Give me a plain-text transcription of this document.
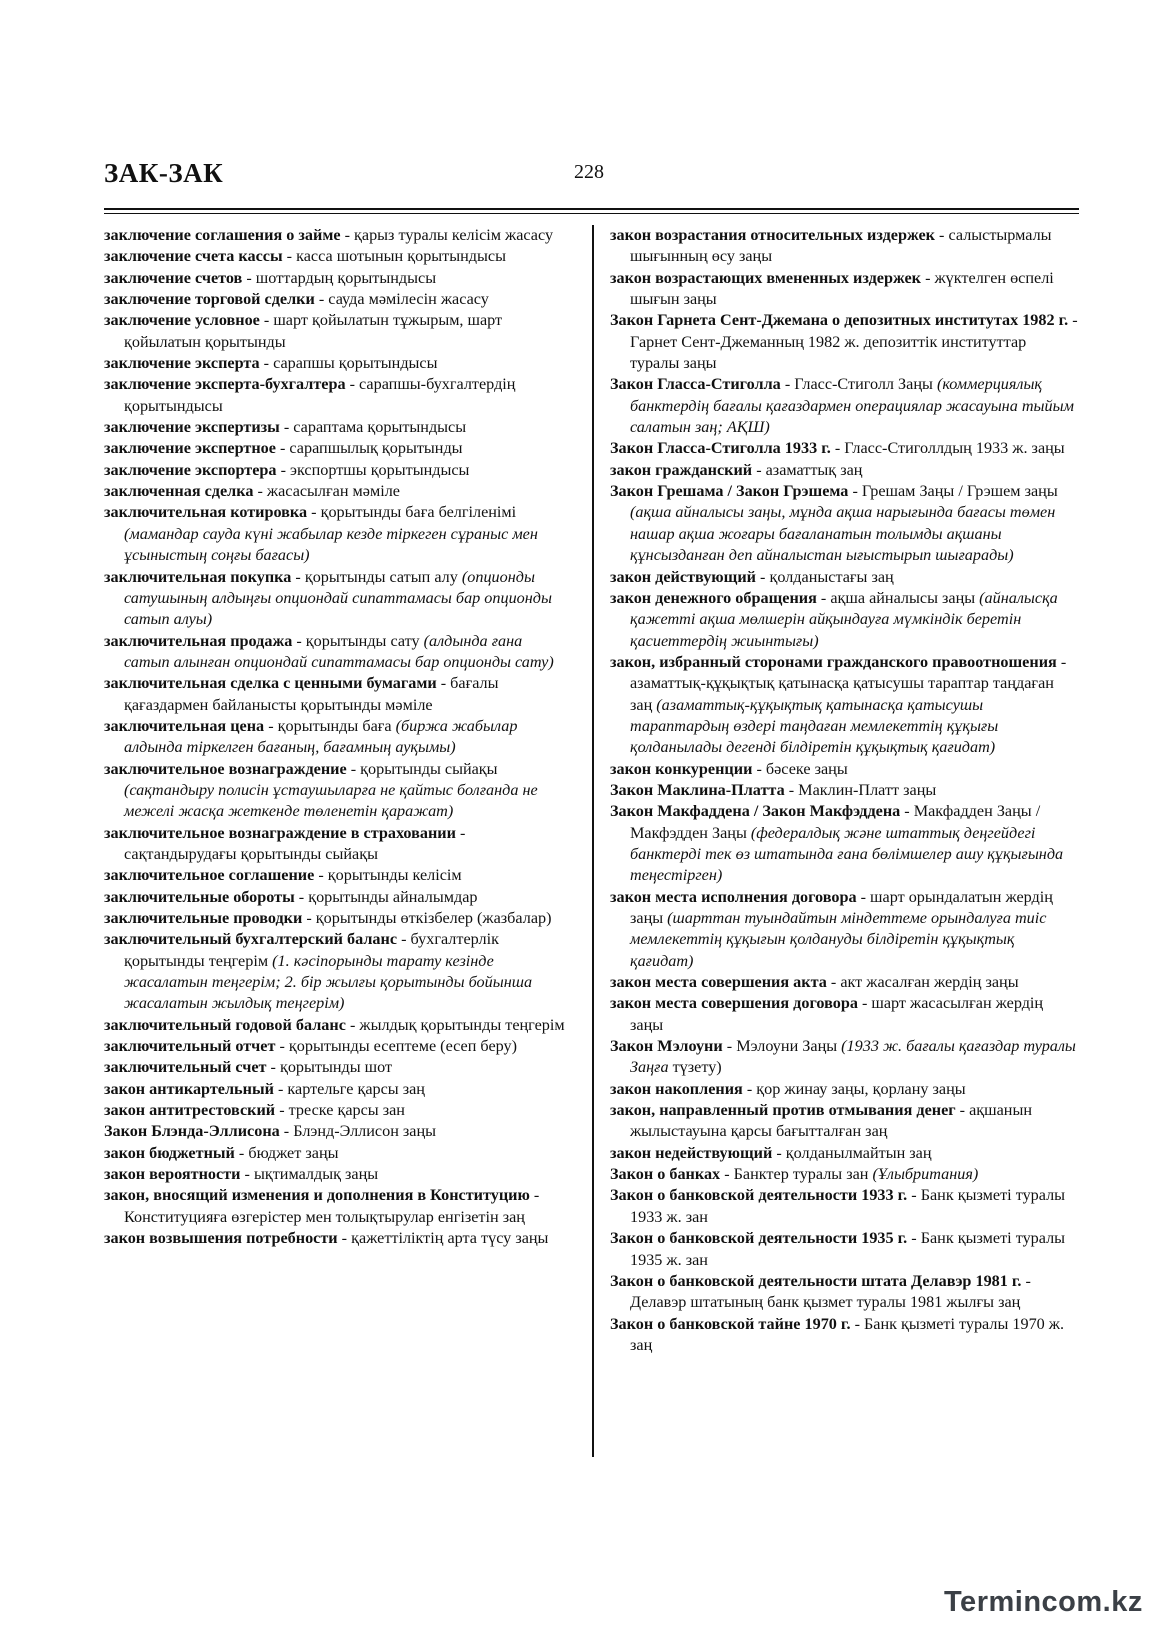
ЗАК-ЗАК	228

заключение соглашения о займе - қарыз туралы келісім жасасу

заключение счета кассы - касса шотынын қорытындысы

заключение счетов - шоттардың қорытындысы

заключение торговой сделки - сауда мәмілесін жасасу

заключение условное - шарт қойылатын тұжырым, шарт қойылатын қорытынды

заключение эксперта - сарапшы қорытындысы

заключение эксперта-бухгалтера - сарапшы-бухгалтердің қорытындысы

заключение экспертизы - сараптама қорытындысы

заключение экспертное - сарапшылық қорытынды

заключение экспортера - экспортшы қорытындысы

заключенная сделка - жасасылған мәміле

заключительная котировка - қорытынды баға белгіленімі (мамандар сауда күні жабылар кезде тіркеген сұраныс мен ұсыныстың соңғы бағасы)

заключительная покупка - қорытынды сатып алу (опционды сатушының алдыңғы опциондай сипаттамасы бар опционды сатып алуы)

заключительная продажа - қорытынды сату (алдында ғана сатып алынған опциондай сипаттамасы бар опционды сату)

заключительная сделка с ценными бумагами - бағалы қағаздармен байланысты қорытынды мәміле

заключительная цена - қорытынды баға (биржа жабылар алдында тіркелген бағаның, бағамның ауқымы)

заключительное вознаграждение - қорытынды сыйақы (сақтандыру полисін ұстаушыларға не қайтыс болғанда не межелі жасқа жеткенде төленетін қаражат)

заключительное вознаграждение в страховании - сақтандырудағы қорытынды сыйақы

заключительное соглашение - қорытынды келісім

заключительные обороты - қорытынды айналымдар

заключительные проводки - қорытынды өткізбелер (жазбалар)

заключительный бухгалтерский баланс - бухгалтерлік қорытынды теңгерім (1. кәсіпорынды тарату кезінде жасалатын теңгерім; 2. бір жылғы қорытынды бойынша жасалатын жылдық теңгерім)

заключительный годовой баланс - жылдық қорытынды теңгерім

заключительный отчет - қорытынды есептеме (есеп беру)

заключительный счет - қорытынды шот

закон антикартельный - картельге қарсы заң

закон антитрестовский - треске қарсы зан

Закон Блэнда-Эллисона - Блэнд-Эллисон заңы

закон бюджетный - бюджет заңы

закон вероятности - ықтималдық заңы

закон, вносящий изменения и дополнения в Конституцию - Конституцияға өзгерістер мен толықтырулар енгізетін заң

закон возвышения потребности - қажеттіліктің арта түсу заңы

закон возрастания относительных издержек - салыстырмалы шығынның өсу заңы

закон возрастающих вмененных издержек - жүктелген өспелі шығын заңы

Закон Гарнета Сент-Джемана о депозитных институтах 1982 г. - Гарнет Сент-Джеманның 1982 ж. депозиттік институттар туралы заңы

Закон Гласса-Стиголла - Гласс-Стиголл Заңы (коммерциялық банктердің бағалы қағаздармен операциялар жасауына тыйым салатын заң; АҚШ)

Закон Гласса-Стиголла 1933 г. - Гласс-Стиголлдың 1933 ж. заңы

закон гражданский - азаматтық заң

Закон Грешама / Закон Грэшема - Грешам Заңы / Грэшем заңы (ақша айналысы заңы, мұнда ақша нарығында бағасы төмен нашар ақша жоғары бағаланатын толымды ақшаны құнсызданған деп айналыстан ығыстырып шығарады)

закон действующий - қолданыстағы заң

закон денежного обращения - ақша айналысы заңы (айналысқа қажетті ақша мөлшерін айқындауға мүмкіндік беретін қасиеттердің жиынтығы)

закон, избранный сторонами гражданского правоотношения - азаматтық-құқықтық қатынасқа қатысушы тараптар таңдаған заң (азаматтық-құқықтық қатынасқа қатысушы тараптардың өздері таңдаған мемлекеттің құқығы қолданылады дегенді білдіретін құқықтық қағидат)

закон конкуренции - бәсеке заңы

Закон Маклина-Платта - Маклин-Платт заңы

Закон Макфаддена / Закон Макфэддена - Макфадден Заңы / Макфэдден Заңы (федералдық және штаттық деңгейдегі банктерді тек өз штатында ғана бөлімшелер ашу құқығында теңестірген)

закон места исполнения договора - шарт орындалатын жердің заңы (шарттан туындайтын міндеттеме орындалуға тиіс мемлекеттің құқығын қолдануды білдіретін құқықтық қағидат)

закон места совершения акта - акт жасалған жердің заңы

закон места совершения договора - шарт жасасылған жердің заңы

Закон Мэлоуни - Мэлоуни Заңы (1933 ж. бағалы қағаздар туралы Заңға түзету)

закон накопления - қор жинау заңы, қорлану заңы

закон, направленный против отмывания денег - ақшанын жылыстауына қарсы бағытталған заң

закон недействующий - қолданылмайтын заң

Закон о банках - Банктер туралы зан (Ұлыбритания)

Закон о банковской деятельности 1933 г. - Банк қызметі туралы 1933 ж. зан

Закон о банковской деятельности 1935 г. - Банк қызметі туралы 1935 ж. зан

Закон о банковской деятельности штата Делавэр 1981 г. - Делавэр штатының банк қызмет туралы 1981 жылғы заң

Закон о банковской тайне 1970 г. - Банк қызметі туралы 1970 ж. заң

Termincom.kz
